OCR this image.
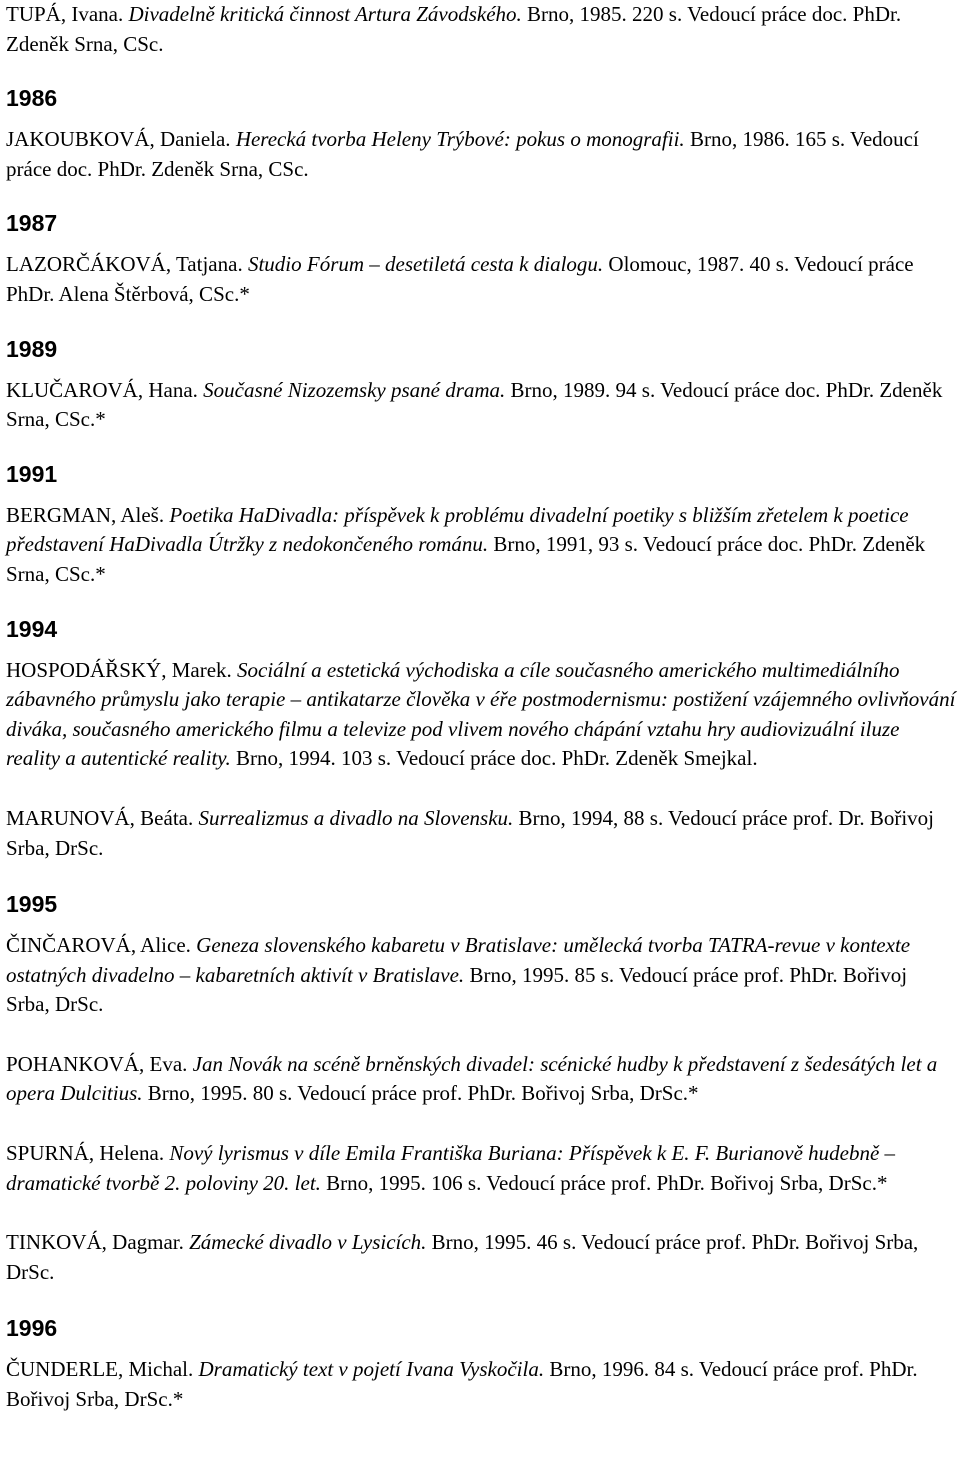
TUPÁ, Ivana. Divadelně kritická činnost Artura Závodského. Brno, 1985. 220 s. Vedoucí práce doc. PhDr. Zdeněk Srna, CSc.

1986

JAKOUBKOVÁ, Daniela. Herecká tvorba Heleny Trýbové: pokus o monografii. Brno, 1986. 165 s. Vedoucí práce doc. PhDr. Zdeněk Srna, CSc.

1987

LAZORČÁKOVÁ, Tatjana. Studio Fórum – desetiletá cesta k dialogu. Olomouc, 1987. 40 s. Vedoucí práce PhDr. Alena Štěrbová, CSc.*

1989

KLUČAROVÁ, Hana. Současné Nizozemsky psané drama. Brno, 1989. 94 s. Vedoucí práce doc. PhDr. Zdeněk Srna, CSc.*

1991

BERGMAN, Aleš. Poetika HaDivadla: příspěvek k problému divadelní poetiky s bližším zřetelem k poetice představení HaDivadla Útržky z nedokončeného románu. Brno, 1991, 93 s. Vedoucí práce doc. PhDr. Zdeněk Srna, CSc.*

1994

HOSPODÁŘSKÝ, Marek. Sociální a estetická východiska a cíle současného amerického multimediálního zábavného průmyslu jako terapie – antikatarze člověka v éře postmodernismu: postižení vzájemného ovlivňování diváka, současného amerického filmu a televize pod vlivem nového chápání vztahu hry audiovizuální iluze reality a autentické reality. Brno, 1994. 103 s. Vedoucí práce doc. PhDr. Zdeněk Smejkal.

MARUNOVÁ, Beáta. Surrealizmus a divadlo na Slovensku. Brno, 1994, 88 s. Vedoucí práce prof. Dr. Bořivoj Srba, DrSc.

1995

ČINČAROVÁ, Alice. Geneza slovenského kabaretu v Bratislave: umělecká tvorba TATRA-revue v kontexte ostatných divadelno – kabaretních aktivít v Bratislave. Brno, 1995. 85 s. Vedoucí práce prof. PhDr. Bořivoj Srba, DrSc.

POHANKOVÁ, Eva. Jan Novák na scéně brněnských divadel: scénické hudby k představení z šedesátých let a opera Dulcitius. Brno, 1995. 80 s. Vedoucí práce prof. PhDr. Bořivoj Srba, DrSc.*

SPURNÁ, Helena. Nový lyrismus v díle Emila Františka Buriana: Příspěvek k E. F. Burianově hudebně – dramatické tvorbě 2. poloviny 20. let. Brno, 1995. 106 s. Vedoucí práce prof. PhDr. Bořivoj Srba, DrSc.*

TINKOVÁ, Dagmar. Zámecké divadlo v Lysicích. Brno, 1995. 46 s. Vedoucí práce prof. PhDr. Bořivoj Srba, DrSc.

1996

ČUNDERLE, Michal. Dramatický text v pojetí Ivana Vyskočila. Brno, 1996. 84 s. Vedoucí práce prof. PhDr. Bořivoj Srba, DrSc.*
